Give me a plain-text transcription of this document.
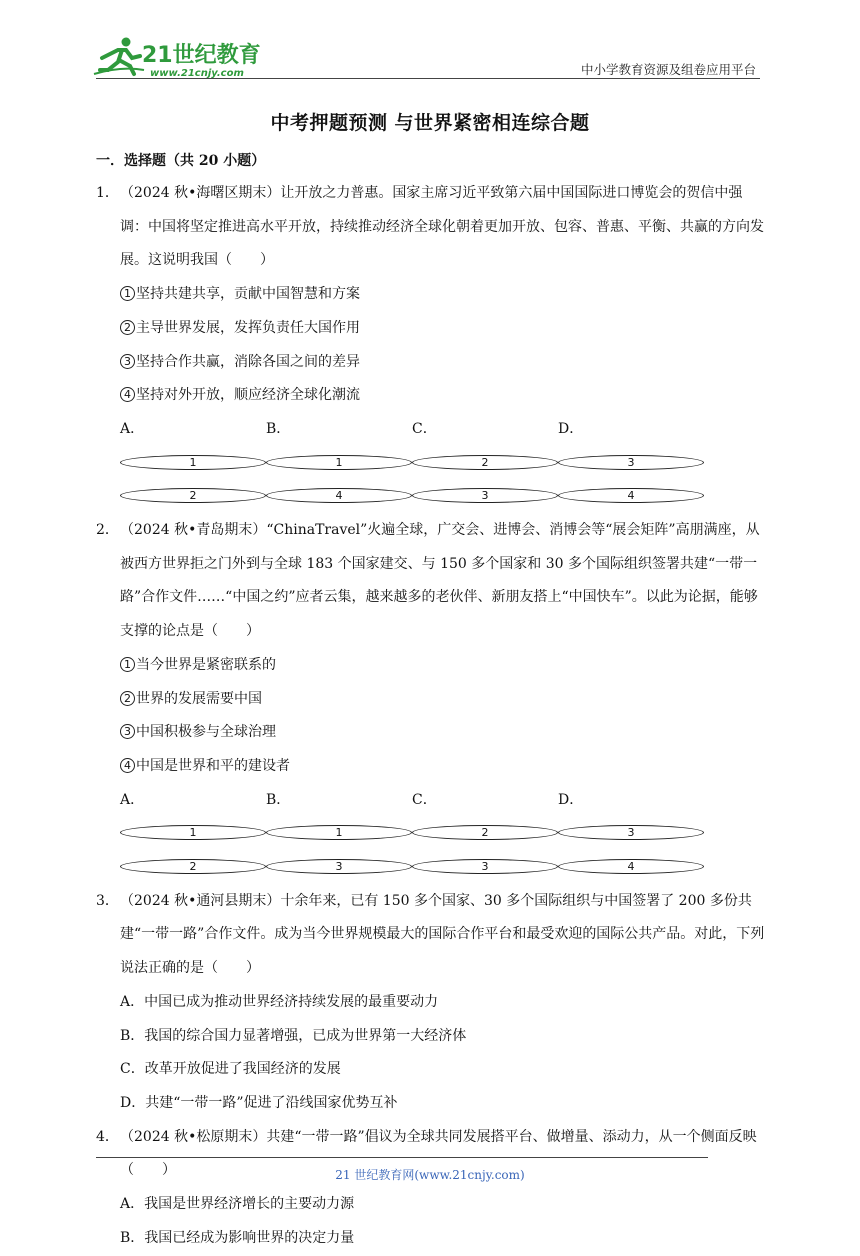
21世纪教育
www.21cnjy.com	中小学教育资源及组卷应用平台
中考押题预测 与世界紧密相连综合题
一．选择题（共 20 小题）
1． （2024 秋•海曙区期末）让开放之力普惠。国家主席习近平致第六届中国国际进口博览会的贺信中强调：中国将坚定推进高水平开放，持续推动经济全球化朝着更加开放、包容、普惠、平衡、共赢的方向发展。这说明我国（　　）
1 坚持共建共享，贡献中国智慧和方案
2 主导世界发展，发挥负责任大国作用
3 坚持合作共赢，消除各国之间的差异
4 坚持对外开放，顺应经济全球化潮流
A．12
B．14
C．23
D．34
2． （2024 秋•青岛期末）“ChinaTravel”火遍全球，广交会、进博会、消博会等“展会矩阵”高朋满座，从被西方世界拒之门外到与全球 183 个国家建交、与 150 多个国家和 30 多个国际组织签署共建“一带一路”合作文件……“中国之约”应者云集，越来越多的老伙伴、新朋友搭上“中国快车”。以此为论据，能够支撑的论点是（　　）
1 当今世界是紧密联系的
2 世界的发展需要中国
3 中国积极参与全球治理
4 中国是世界和平的建设者
A．12
B．13
C．23
D．34
3． （2024 秋•通河县期末）十余年来，已有 150 多个国家、30 多个国际组织与中国签署了 200 多份共建“一带一路”合作文件。成为当今世界规模最大的国际合作平台和最受欢迎的国际公共产品。对此，下列说法正确的是（　　）
A．中国已成为推动世界经济持续发展的最重要动力
B．我国的综合国力显著增强，已成为世界第一大经济体
C．改革开放促进了我国经济的发展
D．共建“一带一路”促进了沿线国家优势互补
4． （2024 秋•松原期末）共建“一带一路”倡议为全球共同发展搭平台、做增量、添动力，从一个侧面反映（　　）
A．我国是世界经济增长的主要动力源
B．我国已经成为影响世界的决定力量
21 世纪教育网(www.21cnjy.com)
